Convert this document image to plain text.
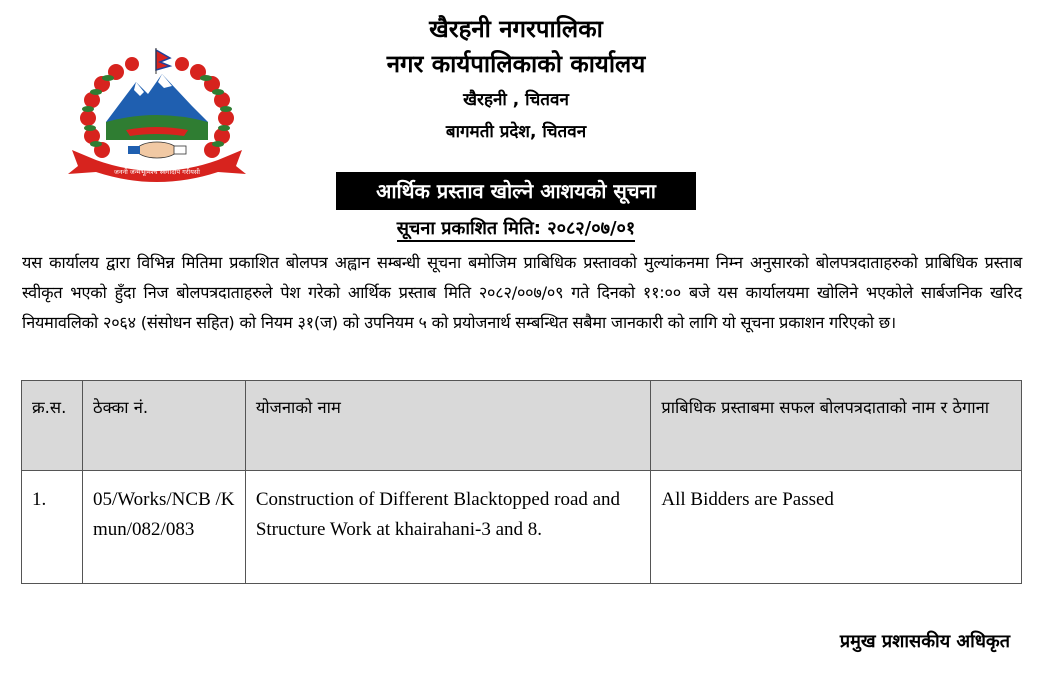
जननी जन्मभूमिश्च स्वर्गादपि गरीयसी
खैरहनी नगरपालिका
नगर कार्यपालिकाको कार्यालय
खैरहनी , चितवन
बागमती प्रदेश, चितवन
आर्थिक प्रस्ताव खोल्ने आशयको सूचना
सूचना प्रकाशित मिति: २०८२/०७/०१

यस कार्यालय द्वारा विभिन्न मितिमा प्रकाशित बोलपत्र अह्वान सम्बन्धी सूचना बमोजिम प्राबिधिक प्रस्तावको मुल्यांकनमा निम्न अनुसारको बोलपत्रदाताहरुको प्राबिधिक प्रस्ताब स्वीकृत भएको हुँदा निज बोलपत्रदाताहरुले पेश गरेको आर्थिक प्रस्ताब मिति २०८२/००७/०९ गते दिनको ११:०० बजे यस कार्यालयमा खोलिने भएकोले सार्बजनिक खरिद नियमावलिको २०६४ (संसोधन सहित) को नियम ३१(ज) को उपनियम ५ को प्रयोजनार्थ सम्बन्धित सबैमा जानकारी को लागि यो सूचना प्रकाशन गरिएको छ।

क्र.स.	ठेक्का नं.	योजनाको नाम	प्राबिधिक प्रस्ताबमा सफल बोलपत्रदाताको नाम र ठेगाना
1.	05/Works/NCB /Kmun/082/083	Construction of Different Blacktopped road and Structure Work at khairahani-3 and 8.	All Bidders are Passed
प्रमुख प्रशासकीय अधिकृत
